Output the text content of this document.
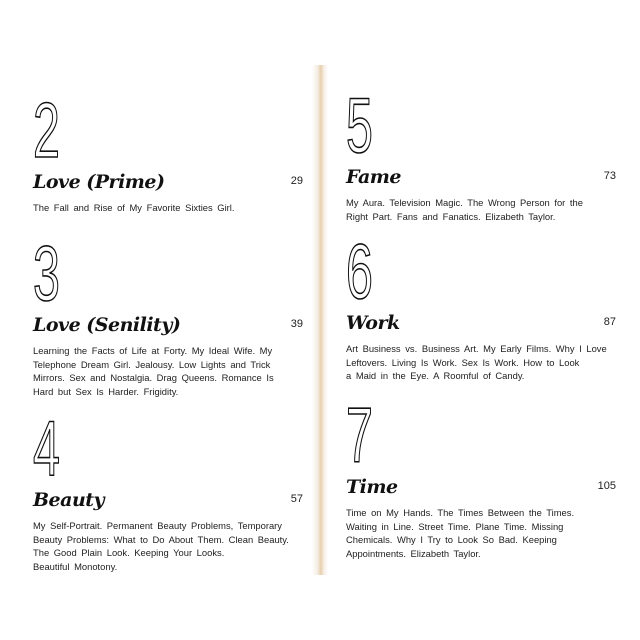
2
Love (Prime)	29
The Fall and Rise of My Favorite Sixties Girl.
3
Love (Senility)	39
Learning the Facts of Life at Forty. My Ideal Wife. My
Telephone Dream Girl. Jealousy. Low Lights and Trick
Mirrors. Sex and Nostalgia. Drag Queens. Romance Is
Hard but Sex Is Harder. Frigidity.
4
Beauty	57
My Self-Portrait. Permanent Beauty Problems, Temporary
Beauty Problems: What to Do About Them. Clean Beauty.
The Good Plain Look. Keeping Your Looks.
Beautiful Monotony.
5
Fame	73
My Aura. Television Magic. The Wrong Person for the
Right Part. Fans and Fanatics. Elizabeth Taylor.
6
Work	87
Art Business vs. Business Art. My Early Films. Why I Love
Leftovers. Living Is Work. Sex Is Work. How to Look
a Maid in the Eye. A Roomful of Candy.
7
Time	105
Time on My Hands. The Times Between the Times.
Waiting in Line. Street Time. Plane Time. Missing
Chemicals. Why I Try to Look So Bad. Keeping
Appointments. Elizabeth Taylor.
